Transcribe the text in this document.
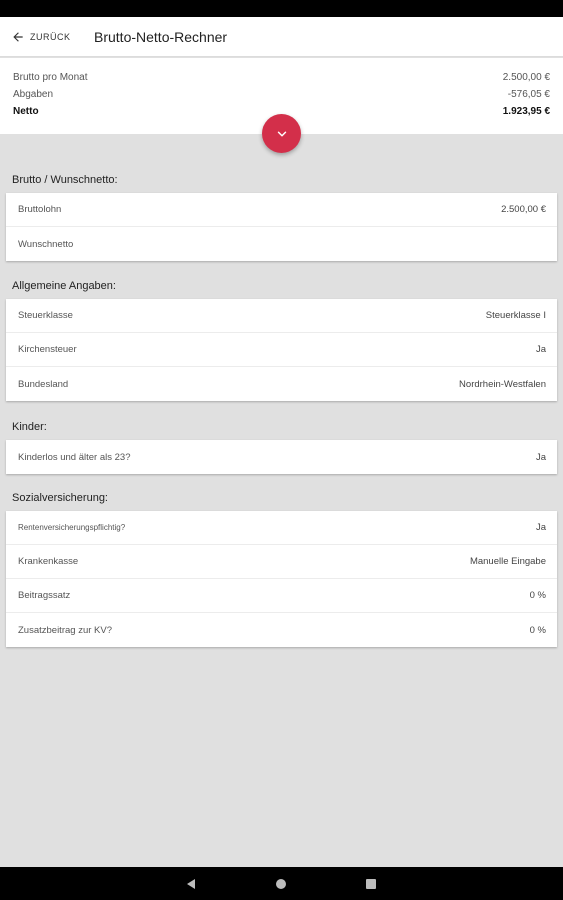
ZURÜCK Brutto-Netto-Rechner
Brutto pro Monat	2.500,00 €
Abgaben	-576,05 €
Netto	1.923,95 €
Brutto / Wunschnetto:
Bruttolohn	2.500,00 €
Wunschnetto
Allgemeine Angaben:
Steuerklasse	Steuerklasse I
Kirchensteuer	Ja
Bundesland	Nordrhein-Westfalen
Kinder:
Kinderlos und älter als 23?	Ja
Sozialversicherung:
Rentenversicherungspflichtig?	Ja
Krankenkasse	Manuelle Eingabe
Beitragssatz	0 %
Zusatzbeitrag zur KV?	0 %
